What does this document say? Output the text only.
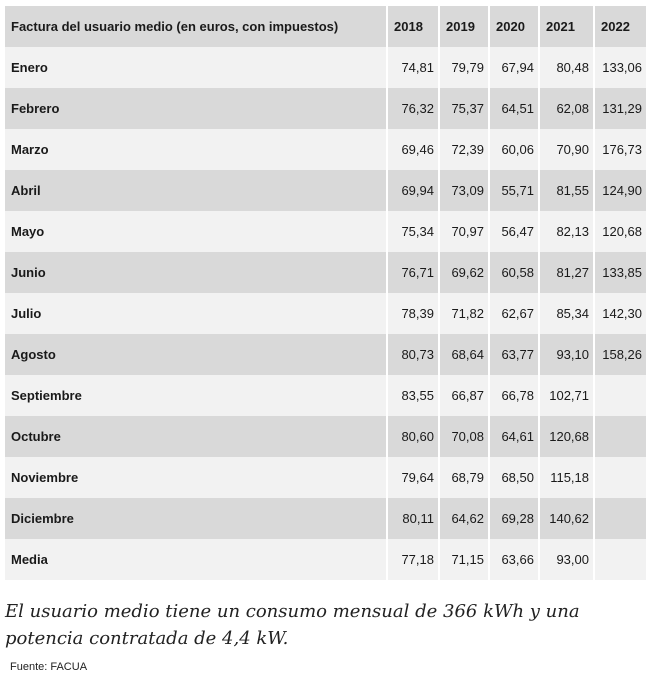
Factura del usuario medio (en euros, con impuestos)	2018	2019	2020	2021	2022
Enero	74,81	79,79	67,94	80,48	133,06
Febrero	76,32	75,37	64,51	62,08	131,29
Marzo	69,46	72,39	60,06	70,90	176,73
Abril	69,94	73,09	55,71	81,55	124,90
Mayo	75,34	70,97	56,47	82,13	120,68
Junio	76,71	69,62	60,58	81,27	133,85
Julio	78,39	71,82	62,67	85,34	142,30
Agosto	80,73	68,64	63,77	93,10	158,26
Septiembre	83,55	66,87	66,78	102,71	
Octubre	80,60	70,08	64,61	120,68	
Noviembre	79,64	68,79	68,50	115,18	
Diciembre	80,11	64,62	69,28	140,62	
Media	77,18	71,15	63,66	93,00	
El usuario medio tiene un consumo mensual de 366 kWh y una potencia contratada de 4,4 kW.
Fuente: FACUA
